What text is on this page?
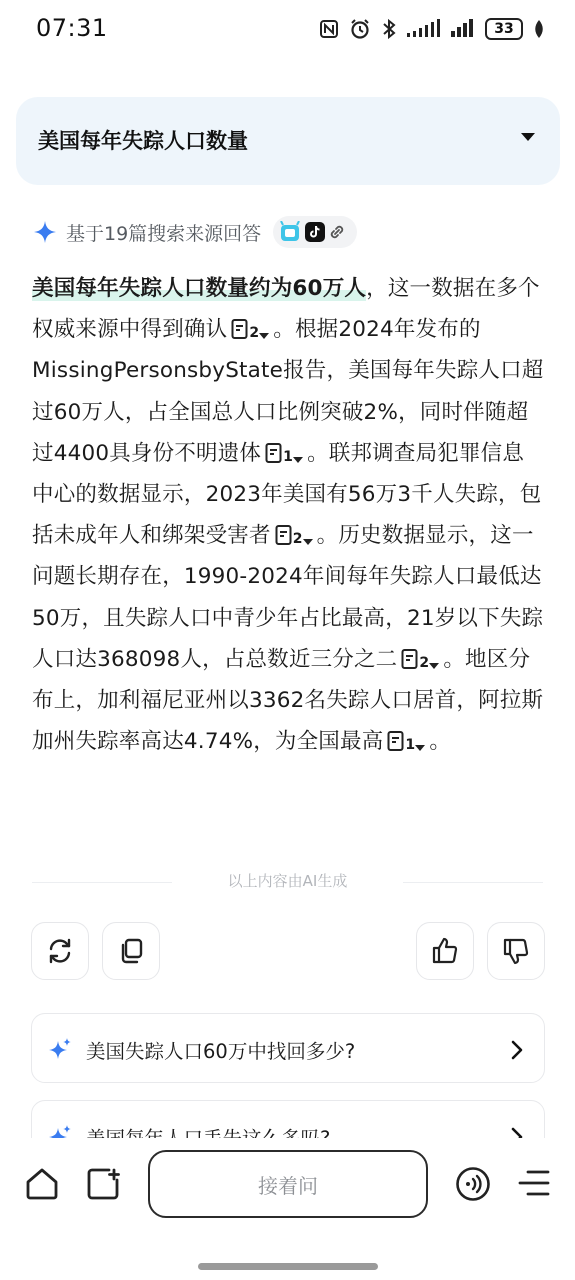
07:31	33
美国每年失踪人口数量
基于19篇搜索来源回答
美国每年失踪人口数量约为60万人，这一数据在多个权威来源中得到确认 2 。根据2024年发布的MissingPersonsbyState报告，美国每年失踪人口超过60万人，占全国总人口比例突破2%，同时伴随超过4400具身份不明遗体 1 。联邦调查局犯罪信息中心的数据显示，2023年美国有56万3千人失踪，包括未成年人和绑架受害者 2 。历史数据显示，这一问题长期存在，1990-2024年间每年失踪人口最低达50万，且失踪人口中青少年占比最高，21岁以下失踪人口达368098人，占总数近三分之二 2 。地区分布上，加利福尼亚州以3362名失踪人口居首，阿拉斯加州失踪率高达4.74%，为全国最高 1 。
以上内容由AI生成
美国失踪人口60万中找回多少?
接着问
